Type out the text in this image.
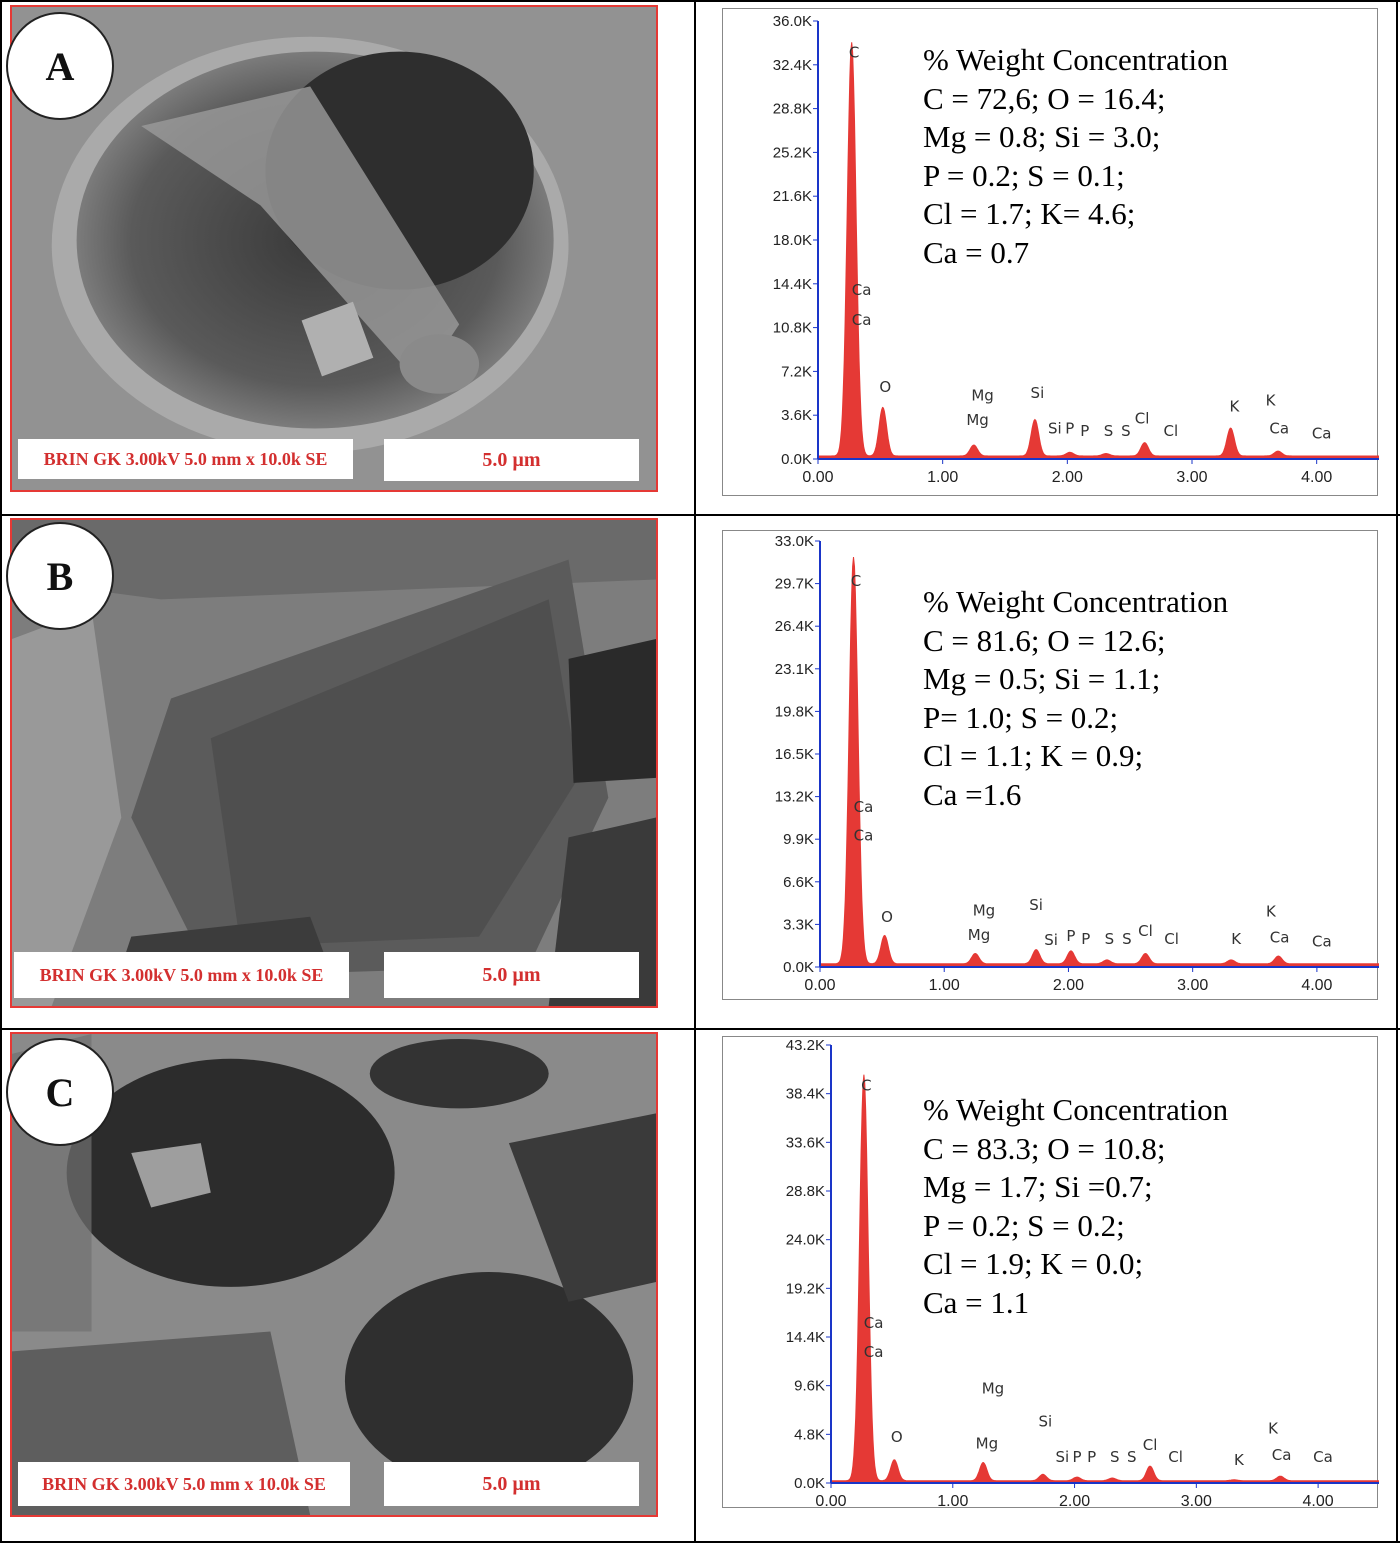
BRIN GK 3.00kV 5.0 mm x 10.0k SE	5.0 µm
A
0.0K
3.6K
7.2K
10.8K
14.4K
18.0K
21.6K
25.2K
28.8K
32.4K
36.0K
0.00	1.00	2.00	3.00	4.00
C
Ca
Ca
O	Mg
Mg
Si
Si P P S S
Cl
Cl
K K
Ca Ca
% Weight Concentration
C = 72,6; O = 16.4;
Mg = 0.8; Si = 3.0;
P = 0.2; S = 0.1;
Cl = 1.7; K= 4.6;
Ca = 0.7
BRIN GK 3.00kV 5.0 mm x 10.0k SE	5.0 µm
B
0.0K
3.3K
6.6K
9.9K
13.2K
16.5K
19.8K
23.1K
26.4K
29.7K
33.0K
0.00	1.00	2.00	3.00	4.00
C
Ca
Ca
O	Mg
Mg
Si
Si P P S S Cl Cl	K
K
Ca Ca
% Weight Concentration
C = 81.6; O = 12.6;
Mg = 0.5; Si = 1.1;
P= 1.0; S = 0.2;
Cl = 1.1; K = 0.9;
Ca =1.6
BRIN GK 3.00kV 5.0 mm x 10.0k SE	5.0 µm
C
0.0K
4.8K
9.6K
14.4K
19.2K
24.0K
28.8K
33.6K
38.4K
43.2K
0.00	1.00	2.00	3.00	4.00
C
Ca
Ca
O
Mg
Mg
Si
Si P P S S
Cl
Cl	K
K
Ca Ca
% Weight Concentration
C = 83.3; O = 10.8;
Mg = 1.7; Si =0.7;
P = 0.2; S = 0.2;
Cl = 1.9; K = 0.0;
Ca = 1.1
